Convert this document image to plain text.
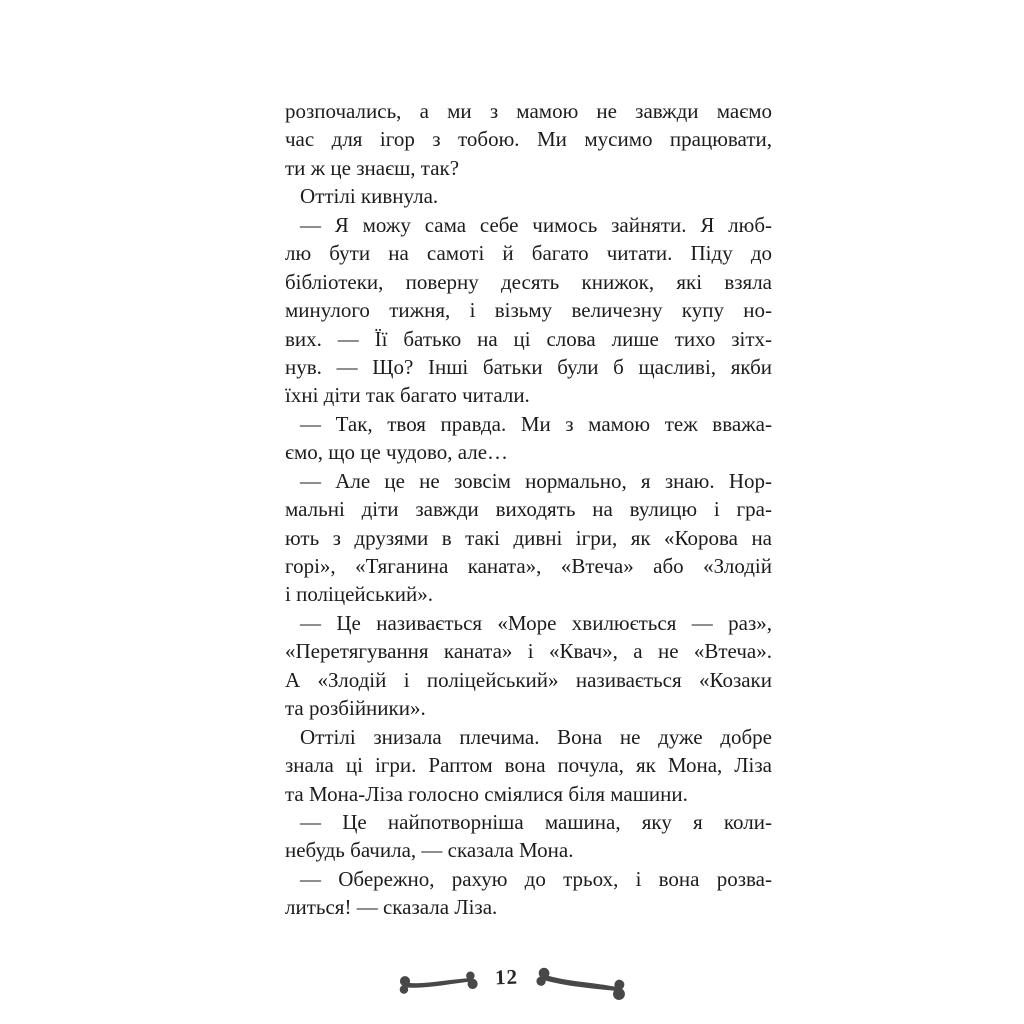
розпочались, а ми з мамою не завжди маємо
час для ігор з тобою. Ми мусимо працювати,
ти ж це знаєш, так?
Оттілі кивнула.
— Я можу сама себе чимось зайняти. Я люб-
лю бути на самоті й багато читати. Піду до
бібліотеки, поверну десять книжок, які взяла
минулого тижня, і візьму величезну купу но-
вих. — Її батько на ці слова лише тихо зітх-
нув. — Що? Інші батьки були б щасливі, якби
їхні діти так багато читали.
— Так, твоя правда. Ми з мамою теж вважа-
ємо, що це чудово, але…
— Але це не зовсім нормально, я знаю. Нор-
мальні діти завжди виходять на вулицю і гра-
ють з друзями в такі дивні ігри, як «Корова на
горі», «Тяганина каната», «Втеча» або «Злодій
і поліцейський».
— Це називається «Море хвилюється — раз»,
«Перетягування каната» і «Квач», а не «Втеча».
А «Злодій і поліцейський» називається «Козаки
та розбійники».
Оттілі знизала плечима. Вона не дуже добре
знала ці ігри. Раптом вона почула, як Мона, Ліза
та Мона-Ліза голосно сміялися біля машини.
— Це найпотворніша машина, яку я коли-
небудь бачила, — сказала Мона.
— Обережно, рахую до трьох, і вона розва-
литься! — сказала Ліза.
12
